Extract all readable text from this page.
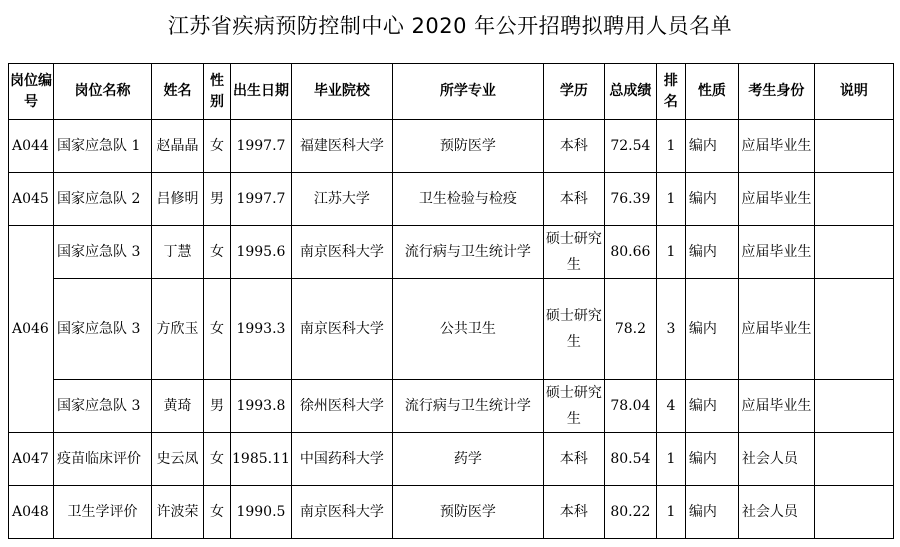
江苏省疾病预防控制中心 2020 年公开招聘拟聘用人员名单
岗位编号	岗位名称	姓名	性别	出生日期	毕业院校	所学专业	学历	总成绩	排名	性质	考生身份	说明
A044	国家应急队 1	赵晶晶	女	1997.7	福建医科大学	预防医学	本科	72.54	1	编内	应届毕业生	
A045	国家应急队 2	吕修明	男	1997.7	江苏大学	卫生检验与检疫	本科	76.39	1	编内	应届毕业生	
A046	国家应急队 3	丁慧	女	1995.6	南京医科大学	流行病与卫生统计学	硕士研究生	80.66	1	编内	应届毕业生	
	国家应急队 3	方欣玉	女	1993.3	南京医科大学	公共卫生	硕士研究生	78.2	3	编内	应届毕业生	
	国家应急队 3	黄琦	男	1993.8	徐州医科大学	流行病与卫生统计学	硕士研究生	78.04	4	编内	应届毕业生	
A047	疫苗临床评价	史云凤	女	1985.11	中国药科大学	药学	本科	80.54	1	编内	社会人员	
A048	卫生学评价	许波荣	女	1990.5	南京医科大学	预防医学	本科	80.22	1	编内	社会人员	
